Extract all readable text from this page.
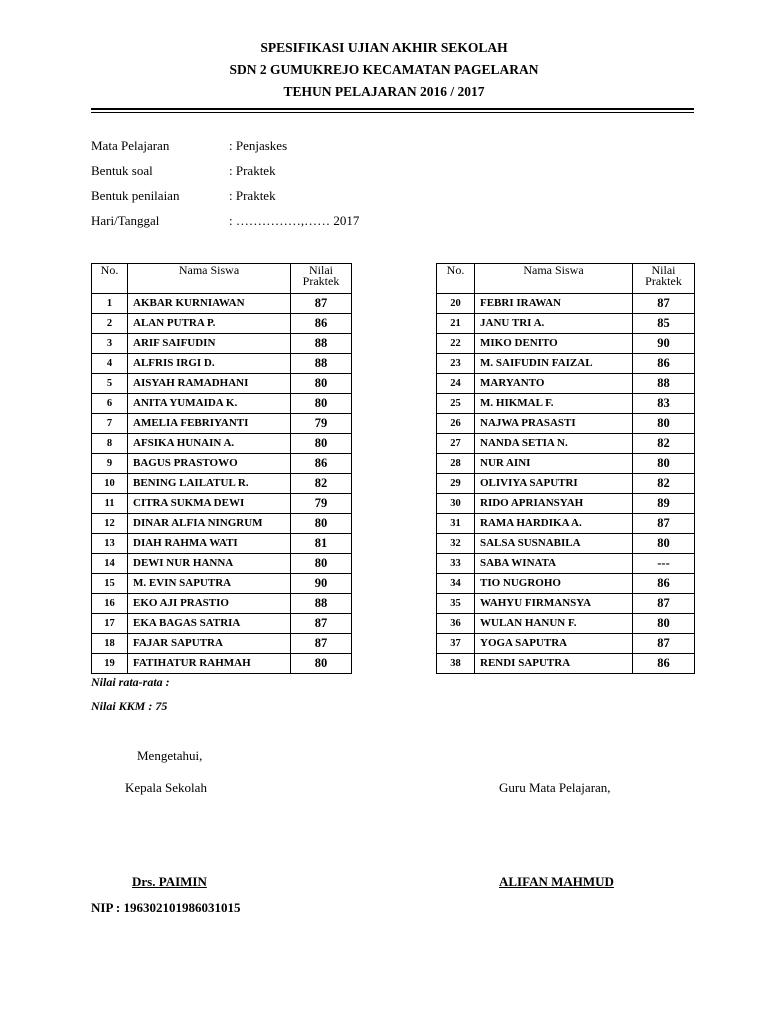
SPESIFIKASI UJIAN AKHIR SEKOLAH
SDN 2 GUMUKREJO KECAMATAN PAGELARAN
TEHUN PELAJARAN 2016 / 2017
Mata Pelajaran	: Penjaskes
Bentuk soal	: Praktek
Bentuk penilaian	: Praktek
Hari/Tanggal	: ……………,…… 2017
No.	Nama Siswa	Nilai
Praktek
1	AKBAR KURNIAWAN	87
2	ALAN PUTRA P.	86
3	ARIF SAIFUDIN	88
4	ALFRIS IRGI D.	88
5	AISYAH RAMADHANI	80
6	ANITA YUMAIDA K.	80
7	AMELIA FEBRIYANTI	79
8	AFSIKA HUNAIN A.	80
9	BAGUS PRASTOWO	86
10	BENING LAILATUL R.	82
11	CITRA SUKMA DEWI	79
12	DINAR ALFIA NINGRUM	80
13	DIAH RAHMA WATI	81
14	DEWI NUR HANNA	80
15	M. EVIN SAPUTRA	90
16	EKO AJI PRASTIO	88
17	EKA BAGAS SATRIA	87
18	FAJAR SAPUTRA	87
19	FATIHATUR RAHMAH	80
No.	Nama Siswa	Nilai
Praktek
20	FEBRI IRAWAN	87
21	JANU TRI A.	85
22	MIKO DENITO	90
23	M. SAIFUDIN FAIZAL	86
24	MARYANTO	88
25	M. HIKMAL F.	83
26	NAJWA PRASASTI	80
27	NANDA SETIA N.	82
28	NUR AINI	80
29	OLIVIYA SAPUTRI	82
30	RIDO APRIANSYAH	89
31	RAMA HARDIKA A.	87
32	SALSA SUSNABILA	80
33	SABA WINATA	---
34	TIO NUGROHO	86
35	WAHYU FIRMANSYA	87
36	WULAN HANUN F.	80
37	YOGA SAPUTRA	87
38	RENDI SAPUTRA	86
Nilai rata-rata :
Nilai KKM : 75
Mengetahui,
Kepala Sekolah	Guru Mata Pelajaran,
Drs. PAIMIN	ALIFAN MAHMUD
NIP : 196302101986031015
